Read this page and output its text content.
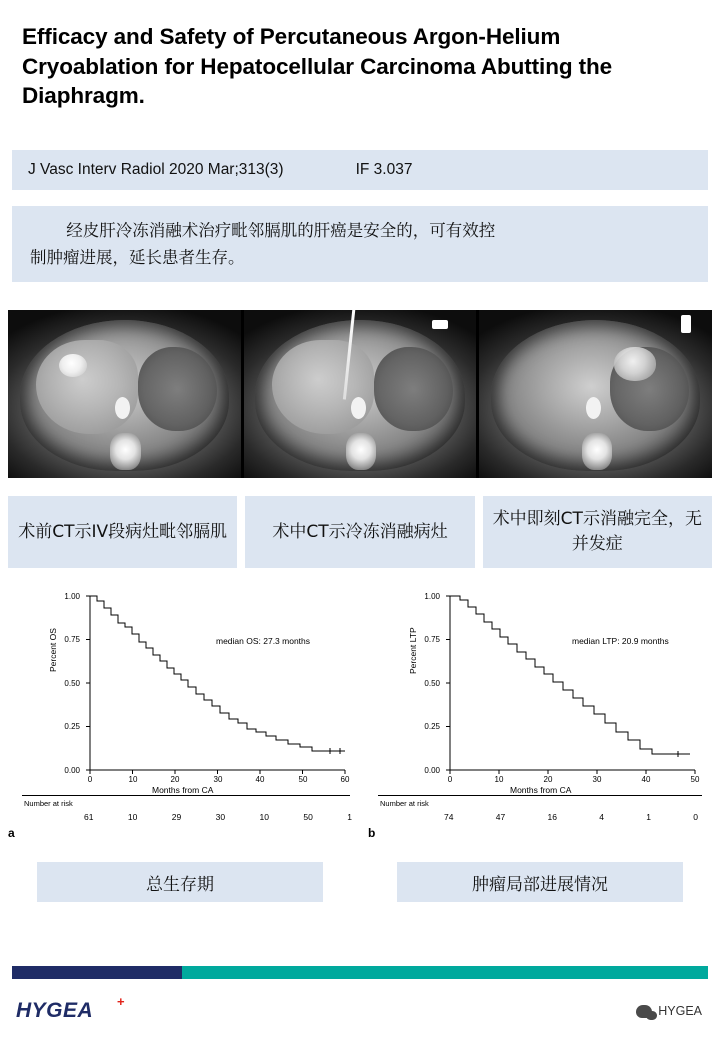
Efficacy and Safety of Percutaneous Argon-Helium Cryoablation for Hepatocellular Carcinoma Abutting the Diaphragm.
J Vasc Interv Radiol 2020 Mar;313(3)	IF 3.037
经皮肝冷冻消融术治疗毗邻膈肌的肝癌是安全的，可有效控
制肿瘤进展，延长患者生存。
术前CT示IV段病灶毗邻膈肌	术中CT示冷冻消融病灶
术中即刻CT示消融完全，无并发症
1.00
0.75
0.50
0.25
0.00
0	10	20	30	40	50	60
Percent OS
Months from CA
median OS: 27.3 months
Number at risk
61	10	29	30	10	50	1
a
1.00
0.75
0.50
0.25
0.00
0	10	20	30	40	50
Percent LTP
Months from CA
median LTP: 20.9 months
Number at risk
74	47	16	4	1	0
b
总生存期	肿瘤局部进展情况
HYGEA +
HYGEA
